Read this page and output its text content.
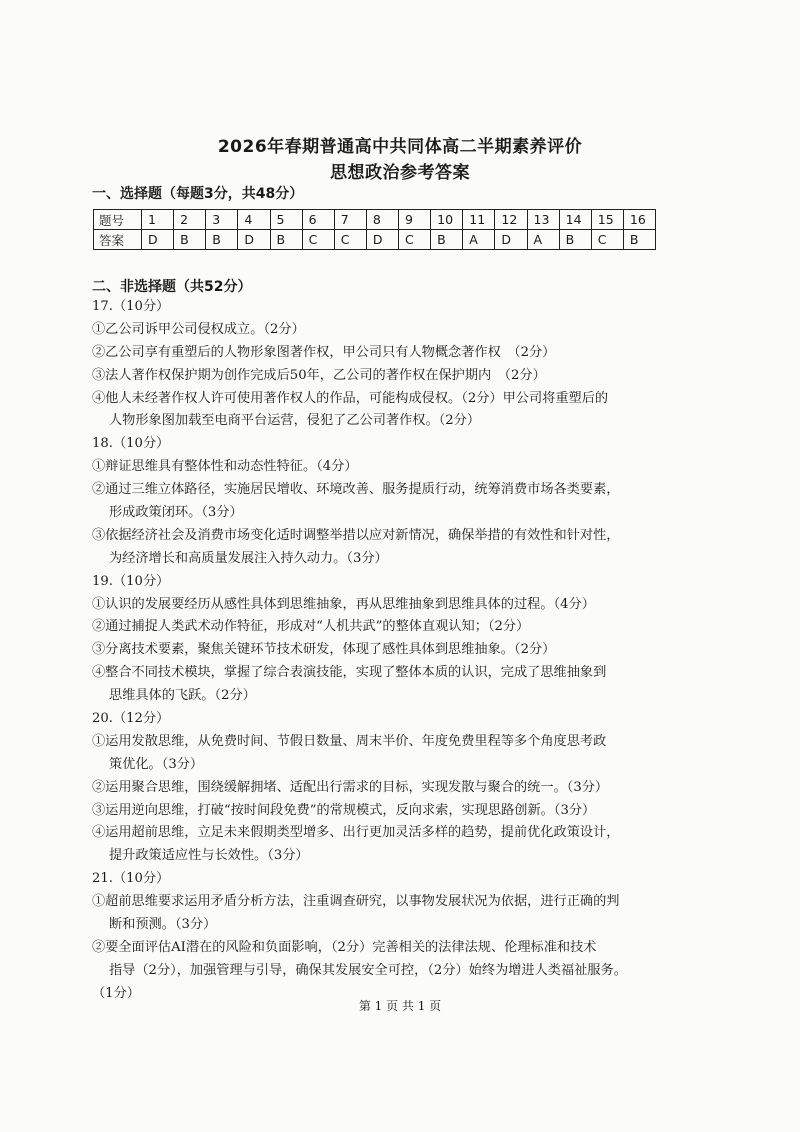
2026年春期普通高中共同体高二半期素养评价
思想政治参考答案
一、选择题（每题3分，共48分）
题号	1	2	3	4	5	6	7	8	9	10	11	12	13	14	15	16
答案	D	B	B	D	B	C	C	D	C	B	A	D	A	B	C	B
二、非选择题（共52分）
17.（10分）
①乙公司诉甲公司侵权成立。（2分）
②乙公司享有重塑后的人物形象图著作权，甲公司只有人物概念著作权　（2分）
③法人著作权保护期为创作完成后50年，乙公司的著作权在保护期内　（2分）
④他人未经著作权人许可使用著作权人的作品，可能构成侵权。（2分）甲公司将重塑后的
人物形象图加载至电商平台运营，侵犯了乙公司著作权。（2分）
18.（10分）
①辩证思维具有整体性和动态性特征。（4分）
②通过三维立体路径，实施居民增收、环境改善、服务提质行动，统筹消费市场各类要素，
形成政策闭环。（3分）
③依据经济社会及消费市场变化适时调整举措以应对新情况，确保举措的有效性和针对性，
为经济增长和高质量发展注入持久动力。（3分）
19.（10分）
①认识的发展要经历从感性具体到思维抽象，再从思维抽象到思维具体的过程。（4分）
②通过捕捉人类武术动作特征，形成对“人机共武”的整体直观认知；（2分）
③分离技术要素，聚焦关键环节技术研发，体现了感性具体到思维抽象。（2分）
④整合不同技术模块，掌握了综合表演技能，实现了整体本质的认识，完成了思维抽象到
思维具体的飞跃。（2分）
20.（12分）
①运用发散思维，从免费时间、节假日数量、周末半价、年度免费里程等多个角度思考政
策优化。（3分）
②运用聚合思维，围绕缓解拥堵、适配出行需求的目标，实现发散与聚合的统一。（3分）
③运用逆向思维，打破“按时间段免费”的常规模式，反向求索，实现思路创新。（3分）
④运用超前思维，立足未来假期类型增多、出行更加灵活多样的趋势，提前优化政策设计，
提升政策适应性与长效性。（3分）
21.（10分）
①超前思维要求运用矛盾分析方法，注重调查研究，以事物发展状况为依据，进行正确的判
断和预测。（3分）
②要全面评估AI潜在的风险和负面影响，（2分）完善相关的法律法规、伦理标准和技术
指导（2分），加强管理与引导，确保其发展安全可控，（2分）始终为增进人类福祉服务。
（1分）
第 1 页 共 1 页
